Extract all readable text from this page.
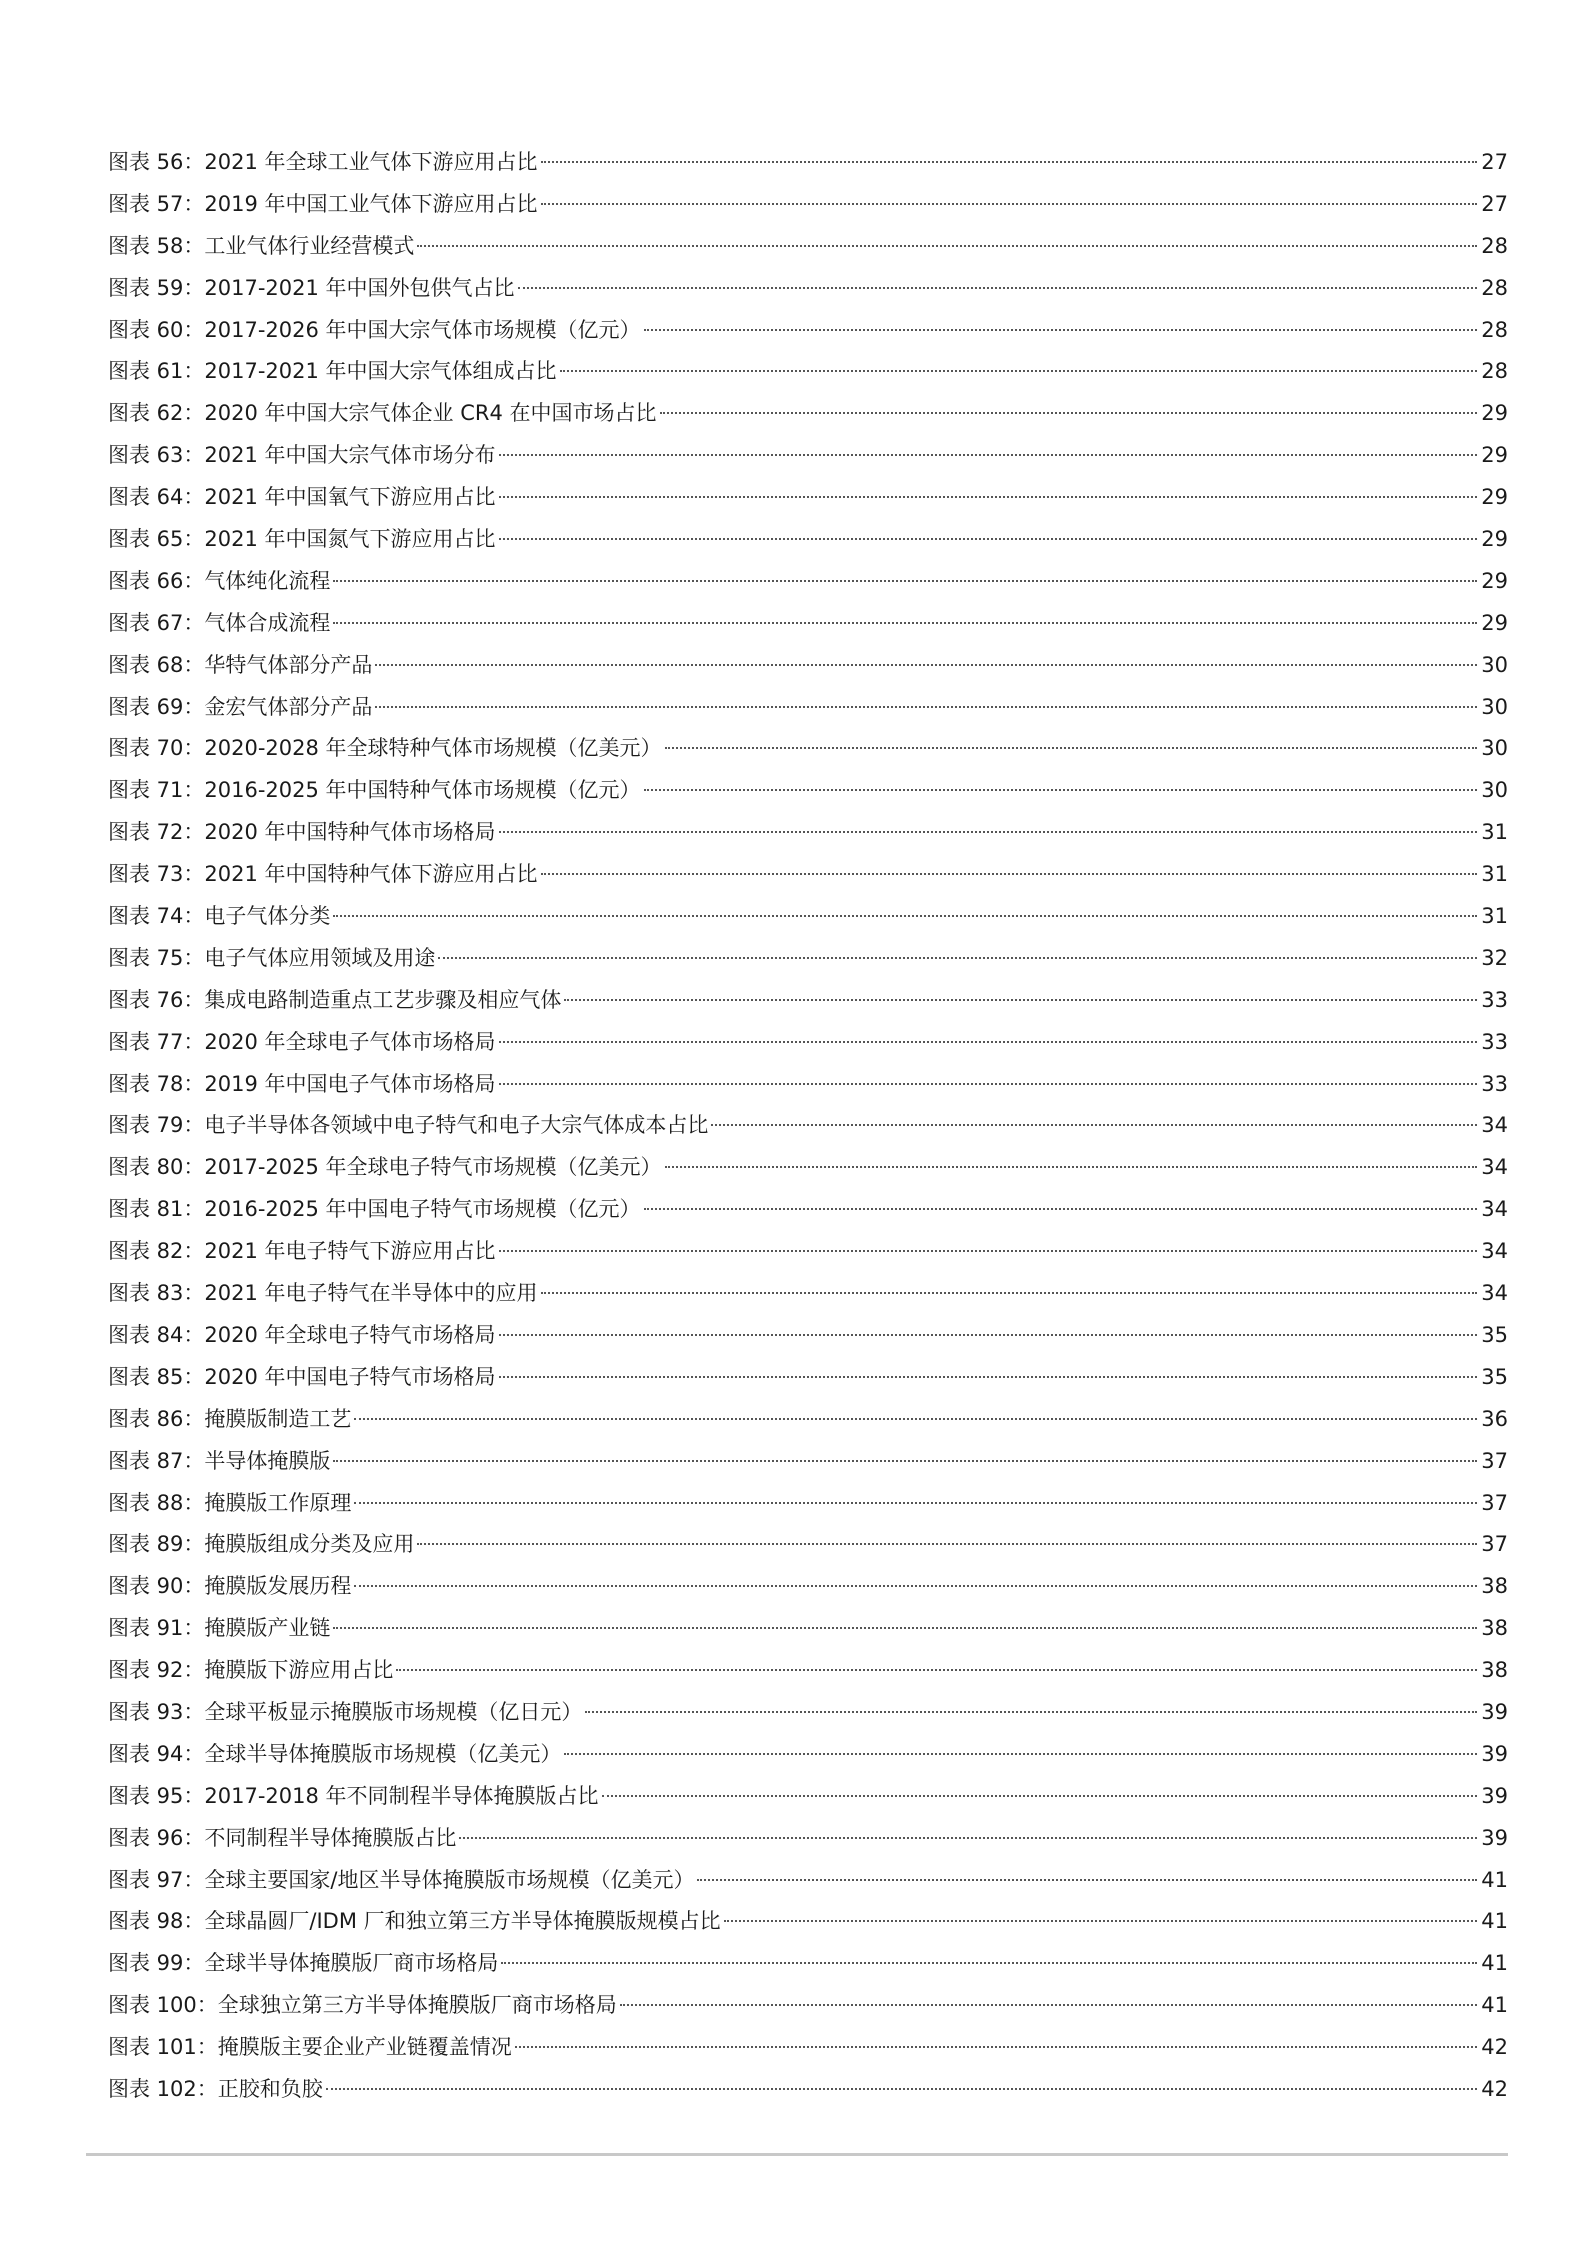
图表 56： 2021 年全球工业气体下游应用占比	27
图表 57： 2019 年中国工业气体下游应用占比	27
图表 58： 工业气体行业经营模式	28
图表 59： 2017-2021 年中国外包供气占比	28
图表 60： 2017-2026 年中国大宗气体市场规模（亿元）	28
图表 61： 2017-2021 年中国大宗气体组成占比	28
图表 62： 2020 年中国大宗气体企业 CR4 在中国市场占比	29
图表 63： 2021 年中国大宗气体市场分布	29
图表 64： 2021 年中国氧气下游应用占比	29
图表 65： 2021 年中国氮气下游应用占比	29
图表 66： 气体纯化流程	29
图表 67： 气体合成流程	29
图表 68： 华特气体部分产品	30
图表 69： 金宏气体部分产品	30
图表 70： 2020-2028 年全球特种气体市场规模（亿美元）	30
图表 71： 2016-2025 年中国特种气体市场规模（亿元）	30
图表 72： 2020 年中国特种气体市场格局	31
图表 73： 2021 年中国特种气体下游应用占比	31
图表 74： 电子气体分类	31
图表 75： 电子气体应用领域及用途	32
图表 76： 集成电路制造重点工艺步骤及相应气体	33
图表 77： 2020 年全球电子气体市场格局	33
图表 78： 2019 年中国电子气体市场格局	33
图表 79： 电子半导体各领域中电子特气和电子大宗气体成本占比	34
图表 80： 2017-2025 年全球电子特气市场规模（亿美元）	34
图表 81： 2016-2025 年中国电子特气市场规模（亿元）	34
图表 82： 2021 年电子特气下游应用占比	34
图表 83： 2021 年电子特气在半导体中的应用	34
图表 84： 2020 年全球电子特气市场格局	35
图表 85： 2020 年中国电子特气市场格局	35
图表 86： 掩膜版制造工艺	36
图表 87： 半导体掩膜版	37
图表 88： 掩膜版工作原理	37
图表 89： 掩膜版组成分类及应用	37
图表 90： 掩膜版发展历程	38
图表 91： 掩膜版产业链	38
图表 92： 掩膜版下游应用占比	38
图表 93： 全球平板显示掩膜版市场规模（亿日元）	39
图表 94： 全球半导体掩膜版市场规模（亿美元）	39
图表 95： 2017-2018 年不同制程半导体掩膜版占比	39
图表 96： 不同制程半导体掩膜版占比	39
图表 97： 全球主要国家/地区半导体掩膜版市场规模（亿美元）	41
图表 98： 全球晶圆厂/IDM 厂和独立第三方半导体掩膜版规模占比	41
图表 99： 全球半导体掩膜版厂商市场格局	41
图表 100： 全球独立第三方半导体掩膜版厂商市场格局	41
图表 101： 掩膜版主要企业产业链覆盖情况	42
图表 102： 正胶和负胶	42
